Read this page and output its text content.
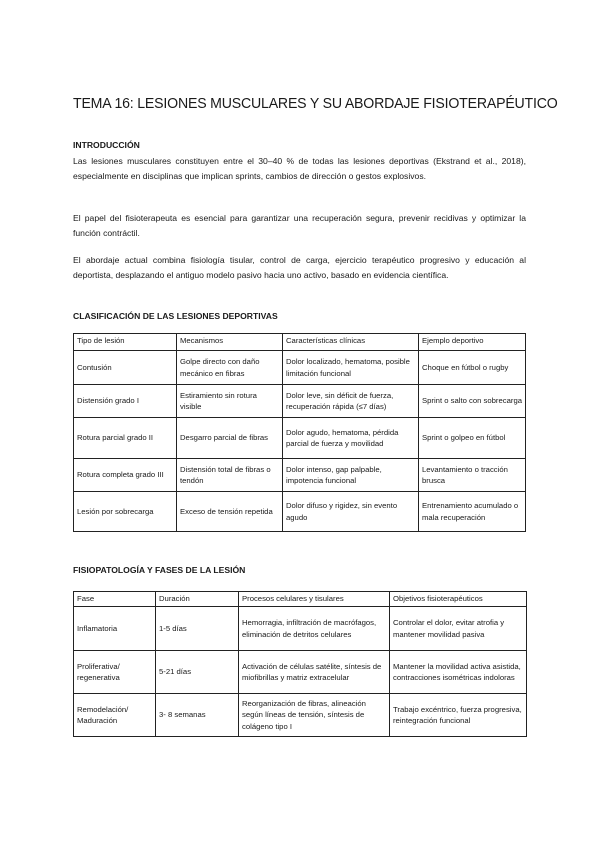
TEMA 16: LESIONES MUSCULARES Y SU ABORDAJE FISIOTERAPÉUTICO
INTRODUCCIÓN
Las lesiones musculares constituyen entre el 30–40 % de todas las lesiones deportivas (Ekstrand et al., 2018), especialmente en disciplinas que implican sprints, cambios de dirección o gestos explosivos.
El papel del fisioterapeuta es esencial para garantizar una recuperación segura, prevenir recidivas y optimizar la función contráctil.
El abordaje actual combina fisiología tisular, control de carga, ejercicio terapéutico progresivo y educación al deportista, desplazando el antiguo modelo pasivo hacia uno activo, basado en evidencia científica.
CLASIFICACIÓN DE LAS LESIONES DEPORTIVAS
Tipo de lesión	Mecanismos	Características clínicas	Ejemplo deportivo
Contusión	Golpe directo con daño mecánico en fibras	Dolor localizado, hematoma, posible limitación funcional	Choque en fútbol o rugby
Distensión grado I	Estiramiento sin rotura visible	Dolor leve, sin déficit de fuerza, recuperación rápida (≤7 días)	Sprint o salto con sobrecarga
Rotura parcial grado II	Desgarro parcial de fibras	Dolor agudo, hematoma, pérdida parcial de fuerza y movilidad	Sprint o golpeo en fútbol
Rotura completa grado III	Distensión total de fibras o tendón	Dolor intenso, gap palpable, impotencia funcional	Levantamiento o tracción brusca
Lesión por sobrecarga	Exceso de tensión repetida	Dolor difuso y rigidez, sin evento agudo	Entrenamiento acumulado o mala recuperación
FISIOPATOLOGÍA Y FASES DE LA LESIÓN
Fase	Duración	Procesos celulares y tisulares	Objetivos fisioterapéuticos
Inflamatoria	1-5 días	Hemorragia, infiltración de macrófagos, eliminación de detritos celulares	Controlar el dolor, evitar atrofia y mantener movilidad pasiva
Proliferativa/ regenerativa	5-21 días	Activación de células satélite, síntesis de miofibrillas y matriz extracelular	Mantener la movilidad activa asistida, contracciones isométricas indoloras
Remodelación/ Maduración	3- 8 semanas	Reorganización de fibras, alineación según líneas de tensión, síntesis de colágeno tipo I	Trabajo excéntrico, fuerza progresiva, reintegración funcional
